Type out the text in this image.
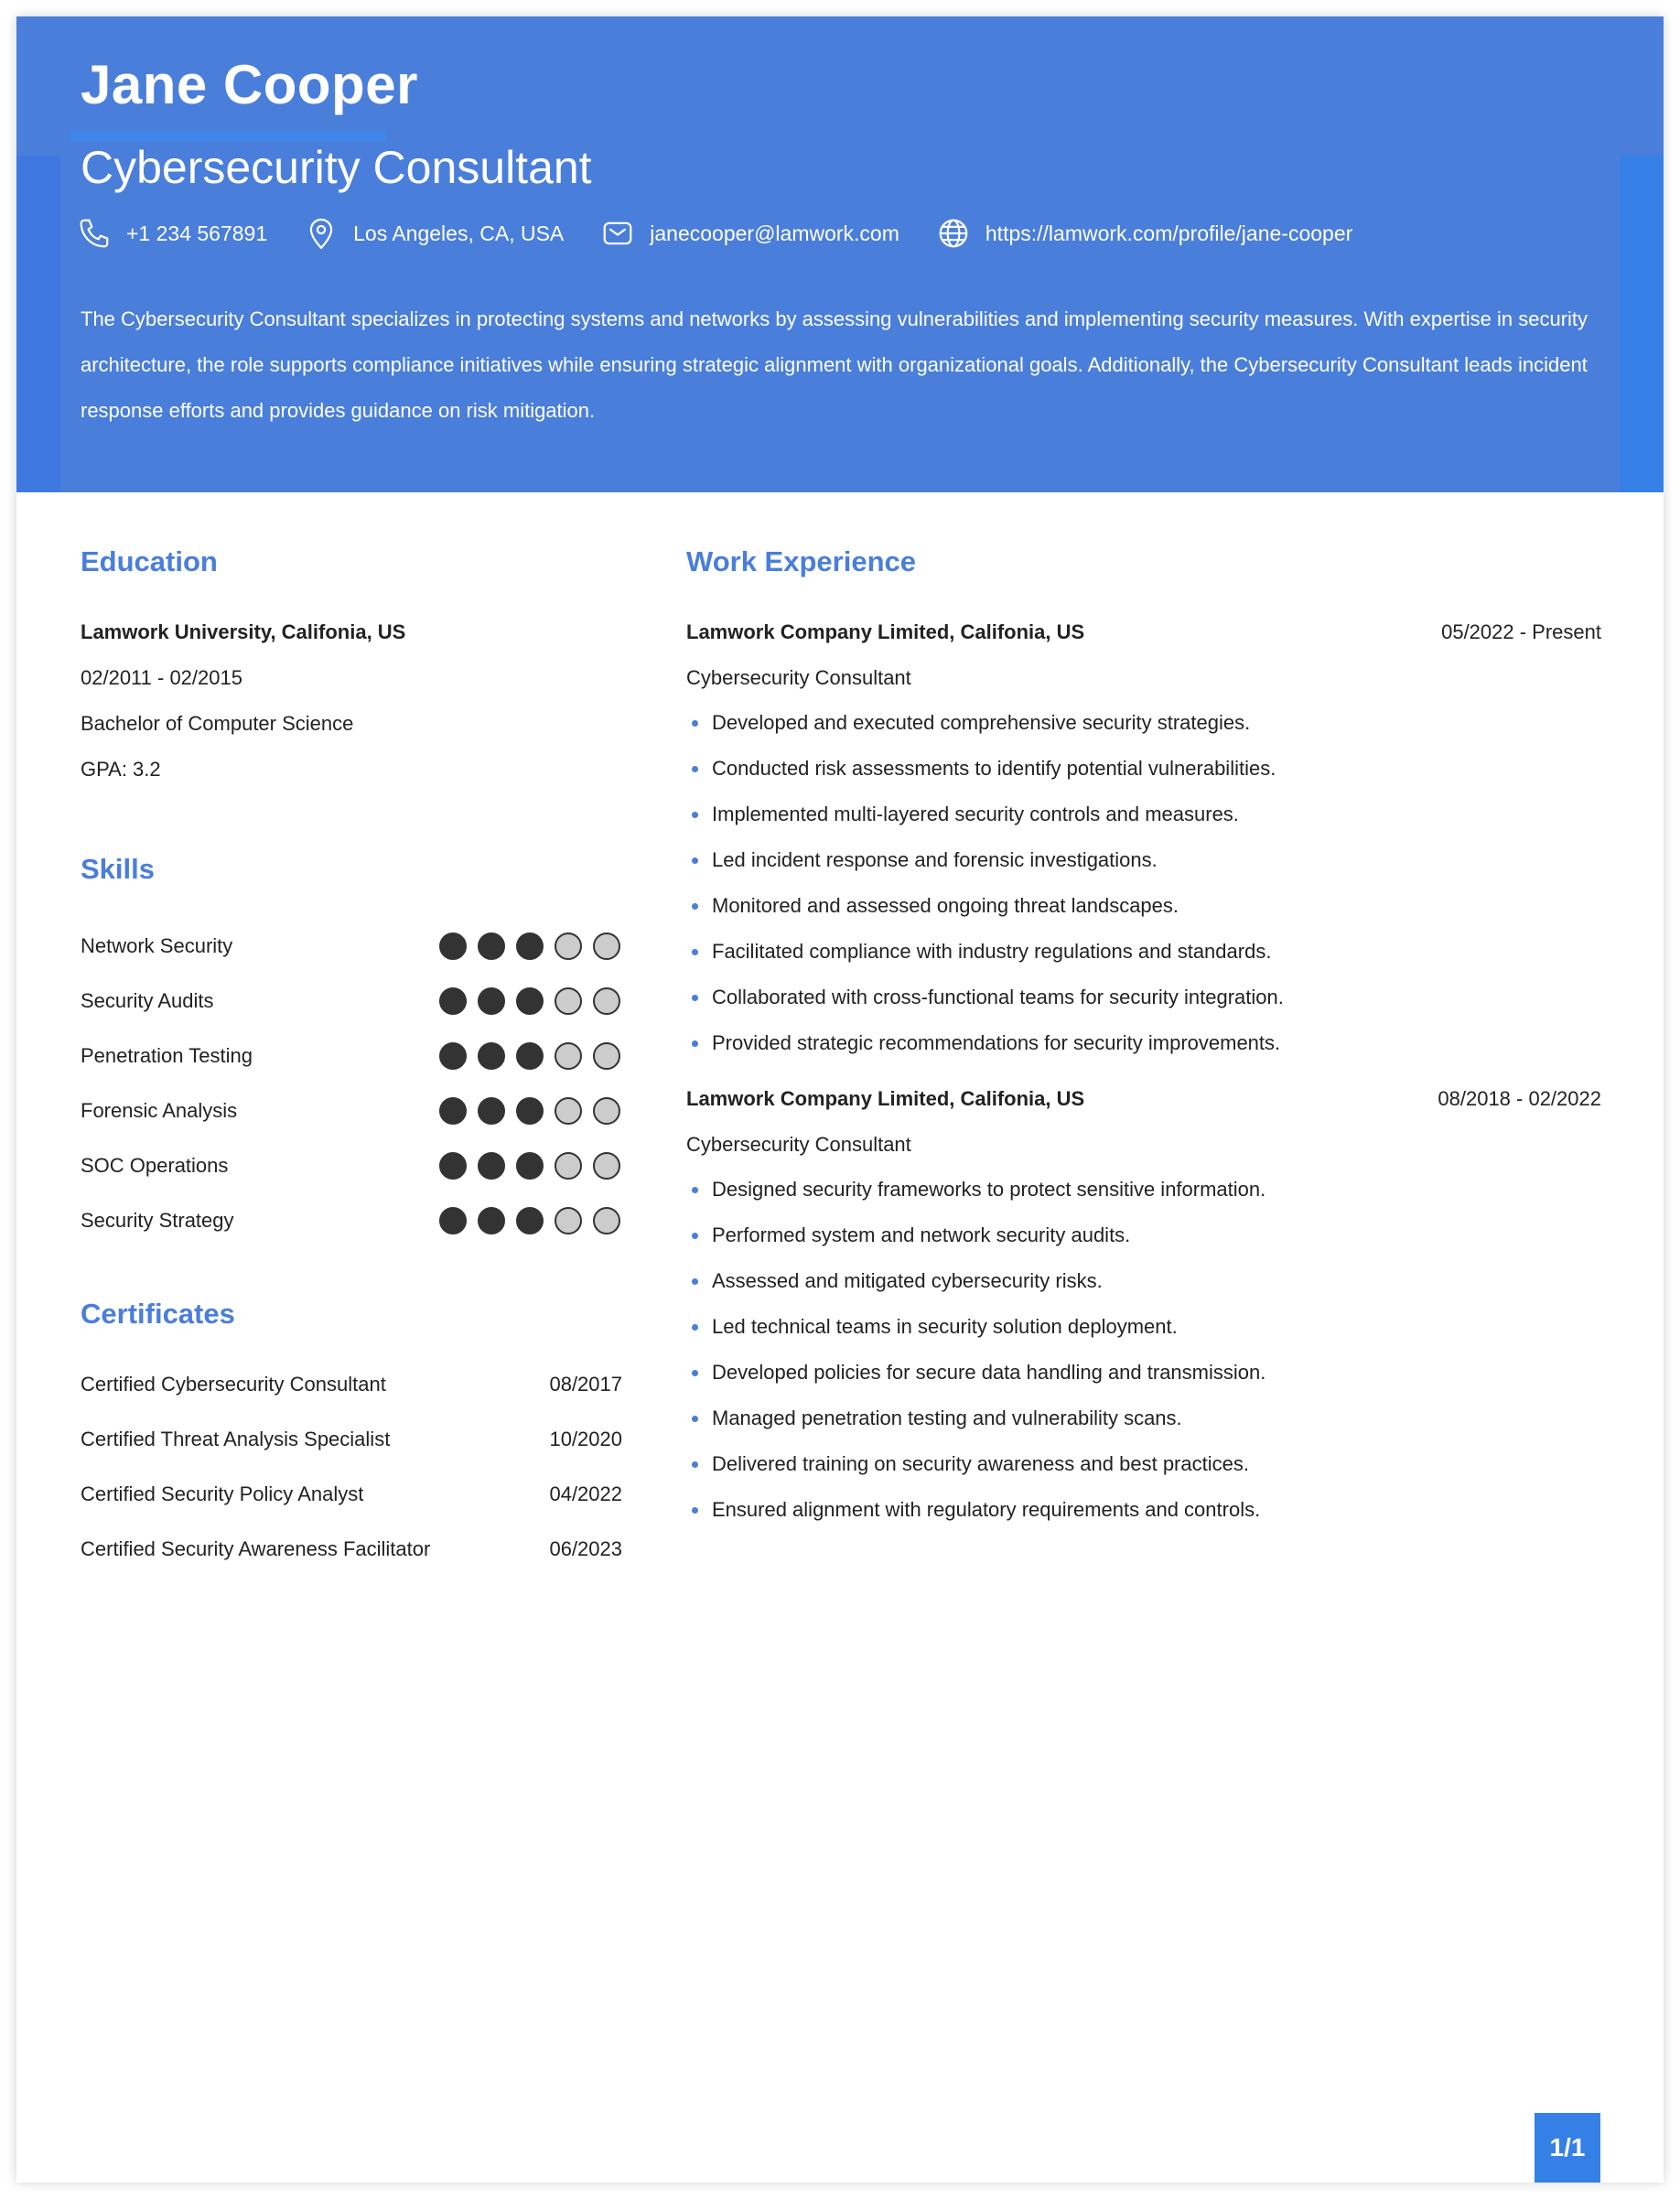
Jane Cooper
Cybersecurity Consultant
+1 234 567891	Los Angeles, CA, USA	janecooper@lamwork.com	https://lamwork.com/profile/jane-cooper
The Cybersecurity Consultant specializes in protecting systems and networks by assessing vulnerabilities and implementing security measures. With expertise in security architecture, the role supports compliance initiatives while ensuring strategic alignment with organizational goals. Additionally, the Cybersecurity Consultant leads incident response efforts and provides guidance on risk mitigation.
Education
Lamwork University, Califonia, US
02/2011 - 02/2015
Bachelor of Computer Science
GPA: 3.2
Skills
Network Security
Security Audits
Penetration Testing
Forensic Analysis
SOC Operations
Security Strategy
Certificates
Certified Cybersecurity Consultant	08/2017
Certified Threat Analysis Specialist	10/2020
Certified Security Policy Analyst	04/2022
Certified Security Awareness Facilitator	06/2023
Work Experience
Lamwork Company Limited, Califonia, US	05/2022 - Present
Cybersecurity Consultant
Developed and executed comprehensive security strategies.
Conducted risk assessments to identify potential vulnerabilities.
Implemented multi-layered security controls and measures.
Led incident response and forensic investigations.
Monitored and assessed ongoing threat landscapes.
Facilitated compliance with industry regulations and standards.
Collaborated with cross-functional teams for security integration.
Provided strategic recommendations for security improvements.
Lamwork Company Limited, Califonia, US	08/2018 - 02/2022
Cybersecurity Consultant
Designed security frameworks to protect sensitive information.
Performed system and network security audits.
Assessed and mitigated cybersecurity risks.
Led technical teams in security solution deployment.
Developed policies for secure data handling and transmission.
Managed penetration testing and vulnerability scans.
Delivered training on security awareness and best practices.
Ensured alignment with regulatory requirements and controls.
1/1
